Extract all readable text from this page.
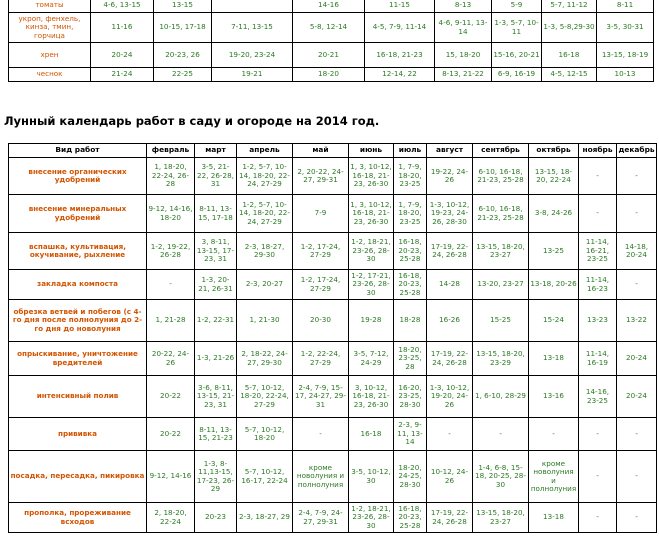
томаты	4-6, 13-15	13-15		14-16	11-15	8-13	5-9	5-7, 11-12	8-11
укроп, фенхель, кинза, тмин, горчица	11-16	10-15, 17-18	7-11, 13-15	5-8, 12-14	4-5, 7-9, 11-14	4-6, 9-11, 13-14	1-3, 5-7, 10-11	1-3, 5-8,29-30	3-5, 30-31
хрен	20-24	20-23, 26	19-20, 23-24	20-21	16-18, 21-23	15, 18-20	15-16, 20-21	16-18	13-15, 18-19
чеснок	21-24	22-25	19-21	18-20	12-14, 22	8-13, 21-22	6-9, 16-19	4-5, 12-15	10-13
Лунный календарь работ в саду и огороде на 2014 год.
Вид работ	февраль	март	апрель	май	июнь	июль	август	сентябрь	октябрь	ноябрь	декабрь
внесение органических удобрений	1, 18-20, 22-24, 26-28	3-5, 21-22, 26-28, 31	1-2, 5-7, 10-14, 18-20, 22-24, 27-29	2, 20-22, 24-27, 29-31	1, 3, 10-12, 16-18, 21-23, 26-30	1, 7-9, 18-20, 23-25	19-22, 24-26	6-10, 16-18, 21-23, 25-28	13-15, 18-20, 22-24	-	-
внесение минеральных удобрений	9-12, 14-16, 18-20	8-11, 13-15, 17-18	1-2, 5-7, 10-14, 18-20, 22-24, 27-29	7-9	1, 3, 10-12, 16-18, 21-23, 26-30	1, 7-9, 18-20, 23-25	1-3, 10-12, 19-23, 24-26, 28-30	6-10, 16-18, 21-23, 25-28	3-8, 24-26	-	-
вспашка, культивация, окучивание, рыхление	1-2, 19-22, 26-28	3, 8-11, 13-15, 17-23, 31	2-3, 18-27, 29-30	1-2, 17-24, 27-29	1-2, 18-21, 23-26, 28-30	16-18, 20-23, 25-28	17-19, 22-24, 26-28	13-15, 18-20, 23-27	13-25	11-14, 16-21, 23-25	14-18, 20-24
закладка компоста	-	1-3, 20-21, 26-31	2-3, 20-27	1-2, 17-24, 27-29	1-2, 17-21, 23-26, 28-30	16-18, 20-23, 25-28	14-28	13-20, 23-27	13-18, 20-26	11-14, 16-23	-
обрезка ветвей и побегов (с 4-го дня после полнолуния до 2-го дня до новолуния	1, 21-28	1-2, 22-31	1, 21-30	20-30	19-28	18-28	16-26	15-25	15-24	13-23	13-22
опрыскивание, уничтожение вредителей	20-22, 24-26	1-3, 21-26	2, 18-22, 24-27, 29-30	1-2, 22-24, 27-29	3-5, 7-12, 24-29	18-20, 23-25, 28	17-19, 22-24, 26-28	13-15, 18-20, 23-29	13-18	11-14, 16-19	20-24
интенсивный полив	20-22	3-6, 8-11, 13-15, 21-23, 31	5-7, 10-12, 18-20, 22-24, 27-29	2-4, 7-9, 15-17, 24-27, 29-31	3, 10-12, 16-18, 21-23, 26-30	16-20, 23-25, 28-30	1-3, 10-12, 19-20, 24-26	1, 6-10, 28-29	13-16	14-16, 23-25	20-24
прививка	20-22	8-11, 13-15, 21-23	5-7, 10-12, 18-20	-	16-18	2-3, 9-11, 13-14	-	-	-	-	-
посадка, пересадка, пикировка	9-12, 14-16	1-3, 8-11,13-15, 17-23, 26-29	5-7, 10-12, 16-17, 22-24	кроме новолуния и полнолуния	3-5, 10-12, 30	18-20, 24-25, 28-30	10-12, 24-26	1-4, 6-8, 15-18, 20-25, 28-30	кроме новолуния и полнолуния	-	-
прополка, прореживание всходов	2, 18-20, 22-24	20-23	2-3, 18-27, 29	2-4, 7-9, 24-27, 29-31	1-2, 18-21, 23-26, 28-30	16-18, 20-23, 25-28	17-19, 22-24, 26-28	13-15, 18-20, 23-27	13-18	-	-
